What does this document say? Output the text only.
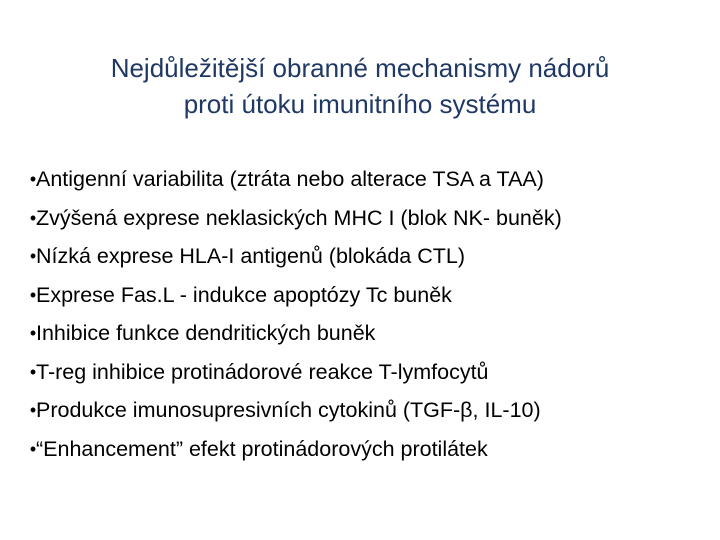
Nejdůležitější obranné mechanismy nádorů
proti útoku imunitního systému
• Antigenní variabilita (ztráta nebo alterace TSA a TAA)
• Zvýšená exprese neklasických MHC I (blok NK- buněk)
• Nízká exprese HLA-I antigenů (blokáda CTL)
• Exprese Fas.L - indukce apoptózy Tc buněk
• Inhibice funkce dendritických buněk
• T-reg inhibice protinádorové reakce T-lymfocytů
• Produkce imunosupresivních cytokinů (TGF-β, IL-10)
• “Enhancement” efekt protinádorových protilátek
